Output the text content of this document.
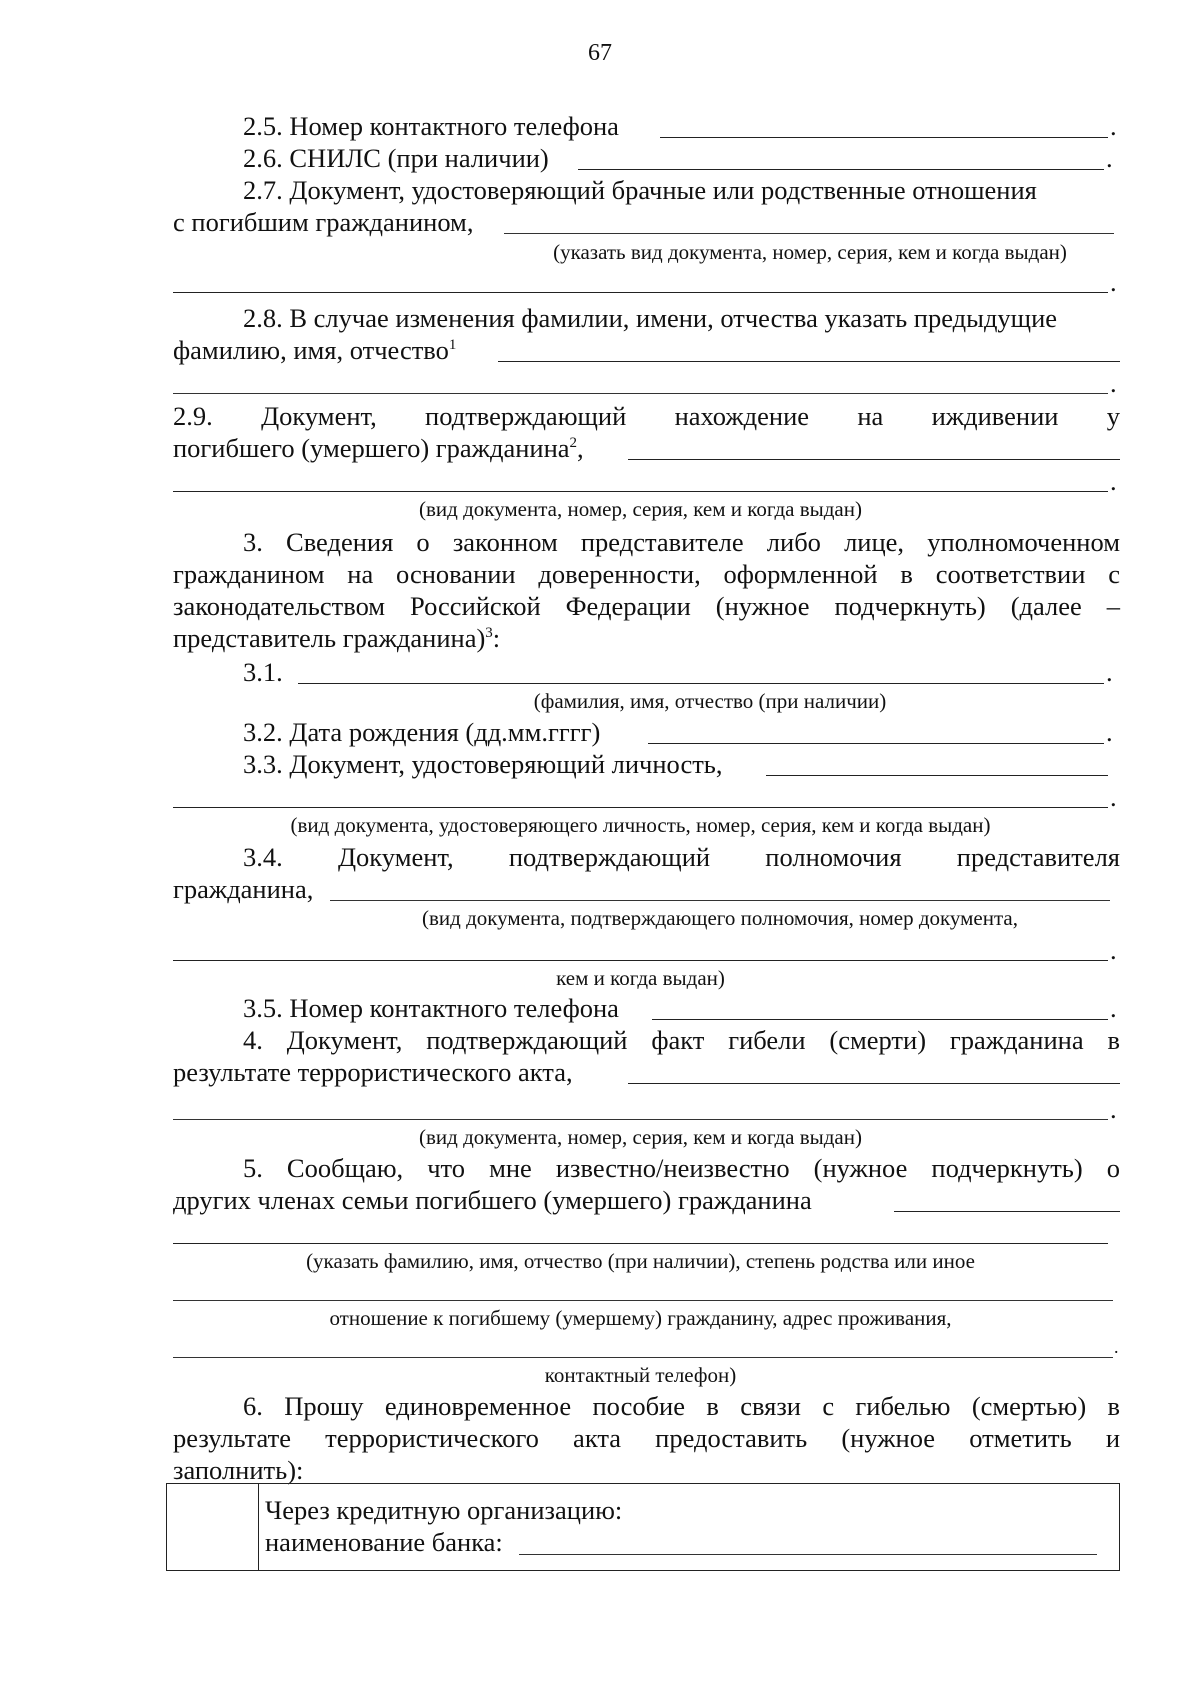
67
2.5. Номер контактного телефона	.
2.6. СНИЛС (при наличии)	.
2.7. Документ, удостоверяющий брачные или родственные отношения
с погибшим гражданином,
(указать вид документа, номер, серия, кем и когда выдан)
.
2.8. В случае изменения фамилии, имени, отчества указать предыдущие
фамилию, имя, отчество$^1$
.
2.9. Документ, подтверждающий нахождение на иждивении у
погибшего (умершего) гражданина$^2$,
.
(вид документа, номер, серия, кем и когда выдан)
3. Сведения о законном представителе либо лице, уполномоченном
гражданином на основании доверенности, оформленной в соответствии с
законодательством Российской Федерации (нужное подчеркнуть) (далее –
представитель гражданина)$^3$:
3.1.	.
(фамилия, имя, отчество (при наличии)
3.2. Дата рождения (дд.мм.гггг)	.
3.3. Документ, удостоверяющий личность,
.
(вид документа, удостоверяющего личность, номер, серия, кем и когда выдан)
3.4. Документ, подтверждающий полномочия представителя
гражданина,
(вид документа, подтверждающего полномочия, номер документа,
.
кем и когда выдан)
3.5. Номер контактного телефона	.
4. Документ, подтверждающий факт гибели (смерти) гражданина в
результате террористического акта,
.
(вид документа, номер, серия, кем и когда выдан)
5. Сообщаю, что мне известно/неизвестно (нужное подчеркнуть) о
других членах семьи погибшего (умершего) гражданина
(указать фамилию, имя, отчество (при наличии), степень родства или иное
отношение к погибшему (умершему) гражданину, адрес проживания,
.
контактный телефон)
6. Прошу единовременное пособие в связи с гибелью (смертью) в
результате террористического акта предоставить (нужное отметить и
заполнить):
Через кредитную организацию:
наименование банка:
